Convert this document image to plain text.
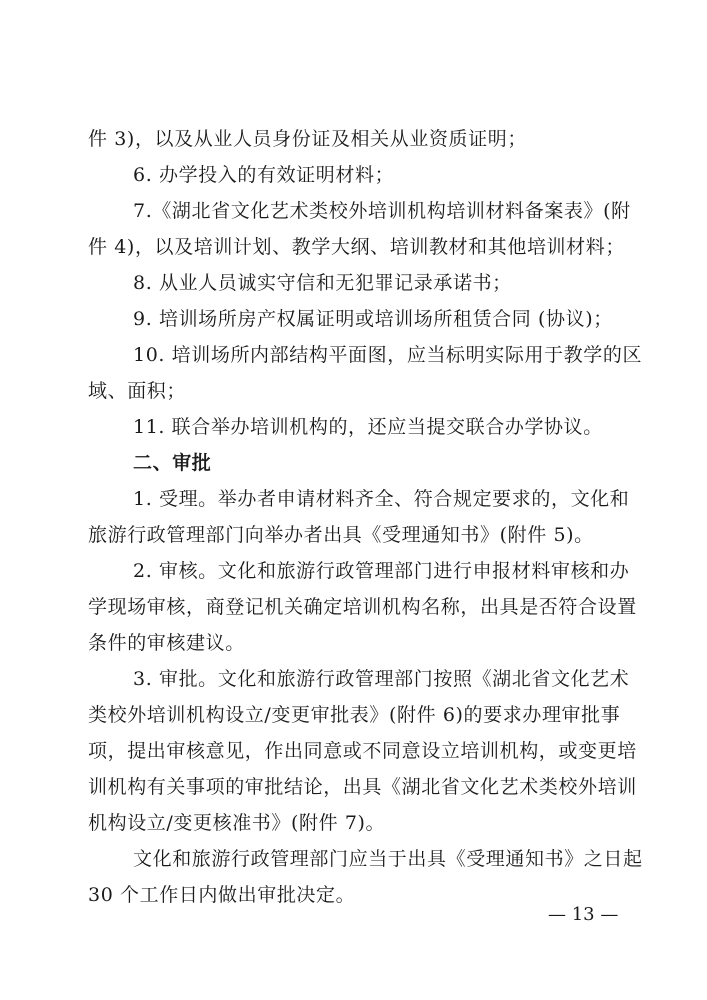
件 3)，以及从业人员身份证及相关从业资质证明；
6. 办学投入的有效证明材料；
7.《湖北省文化艺术类校外培训机构培训材料备案表》(附
件 4)，以及培训计划、教学大纲、培训教材和其他培训材料；
8. 从业人员诚实守信和无犯罪记录承诺书；
9. 培训场所房产权属证明或培训场所租赁合同 (协议)；
10. 培训场所内部结构平面图，应当标明实际用于教学的区
域、面积；
11. 联合举办培训机构的，还应当提交联合办学协议。
二、审批
1. 受理。举办者申请材料齐全、符合规定要求的，文化和
旅游行政管理部门向举办者出具《受理通知书》(附件 5)。
2. 审核。文化和旅游行政管理部门进行申报材料审核和办
学现场审核，商登记机关确定培训机构名称，出具是否符合设置
条件的审核建议。
3. 审批。文化和旅游行政管理部门按照《湖北省文化艺术
类校外培训机构设立/变更审批表》(附件 6)的要求办理审批事
项，提出审核意见，作出同意或不同意设立培训机构，或变更培
训机构有关事项的审批结论，出具《湖北省文化艺术类校外培训
机构设立/变更核准书》(附件 7)。
文化和旅游行政管理部门应当于出具《受理通知书》之日起
30 个工作日内做出审批决定。
— 13 —
